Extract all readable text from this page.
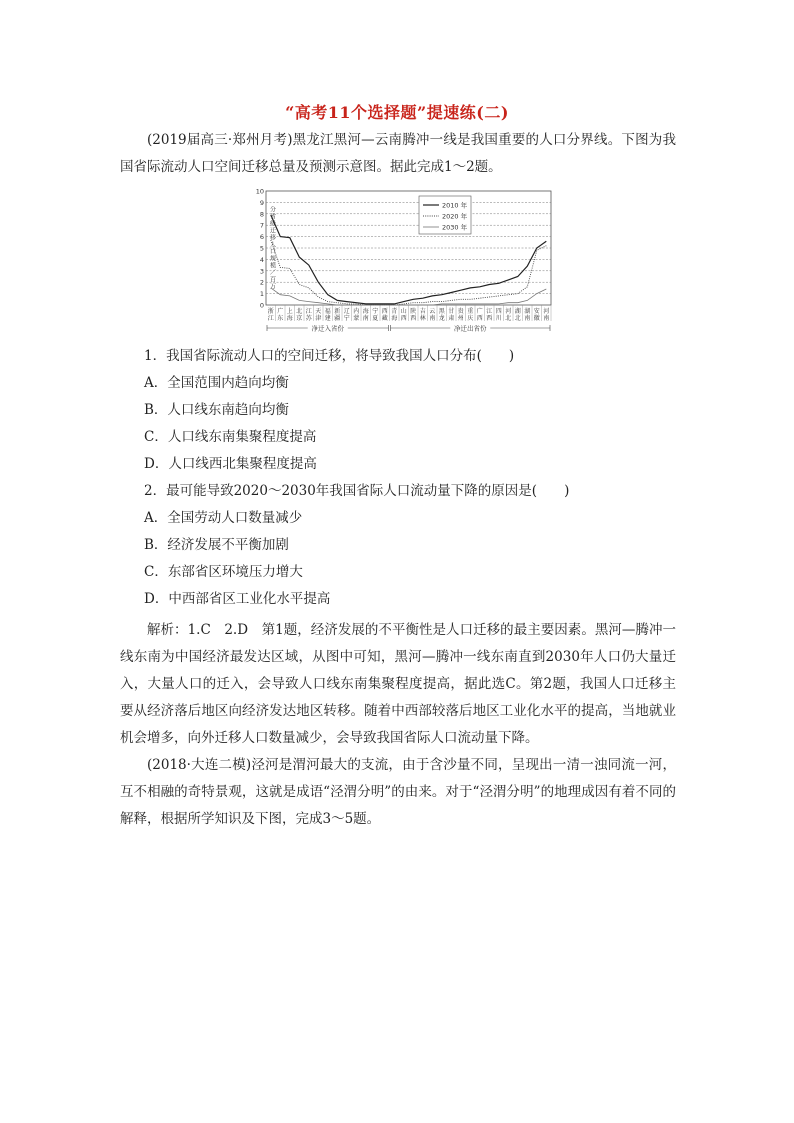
“高考11个选择题”提速练(二)
(2019届高三·郑州月考)黑龙江黑河—云南腾冲一线是我国重要的人口分界线。下图为我国省际流动人口空间迁移总量及预测示意图。据此完成1～2题。
0
1
2
3
4
5
6
7
8
9
10
分省级迁移人口规模／百万
浙
江
广
东
上
海
北
京
江
苏
天
津
福
建
新
疆
辽
宁
内
蒙
海
南
宁
夏
西
藏
青
海
山
西
陕
西
吉
林
云
南
黑
龙
甘
肃
贵
州
重
庆
广
西
江
西
四
川
河
北
湖
北
湖
南
安
徽
河
南
净迁入省份	净迁出省份
2010 年
2020 年
2030 年
1．我国省际流动人口的空间迁移，将导致我国人口分布(　　)
A．全国范围内趋向均衡
B．人口线东南趋向均衡
C．人口线东南集聚程度提高
D．人口线西北集聚程度提高
2．最可能导致2020～2030年我国省际人口流动量下降的原因是(　　)
A．全国劳动人口数量减少
B．经济发展不平衡加剧
C．东部省区环境压力增大
D．中西部省区工业化水平提高
解析：1.C　2.D　第1题，经济发展的不平衡性是人口迁移的最主要因素。黑河—腾冲一线东南为中国经济最发达区域，从图中可知，黑河—腾冲一线东南直到2030年人口仍大量迁入，大量人口的迁入，会导致人口线东南集聚程度提高，据此选C。第2题，我国人口迁移主要从经济落后地区向经济发达地区转移。随着中西部较落后地区工业化水平的提高，当地就业机会增多，向外迁移人口数量减少，会导致我国省际人口流动量下降。
(2018·大连二模)泾河是渭河最大的支流，由于含沙量不同，呈现出一清一浊同流一河，互不相融的奇特景观，这就是成语“泾渭分明”的由来。对于“泾渭分明”的地理成因有着不同的解释，根据所学知识及下图，完成3～5题。
